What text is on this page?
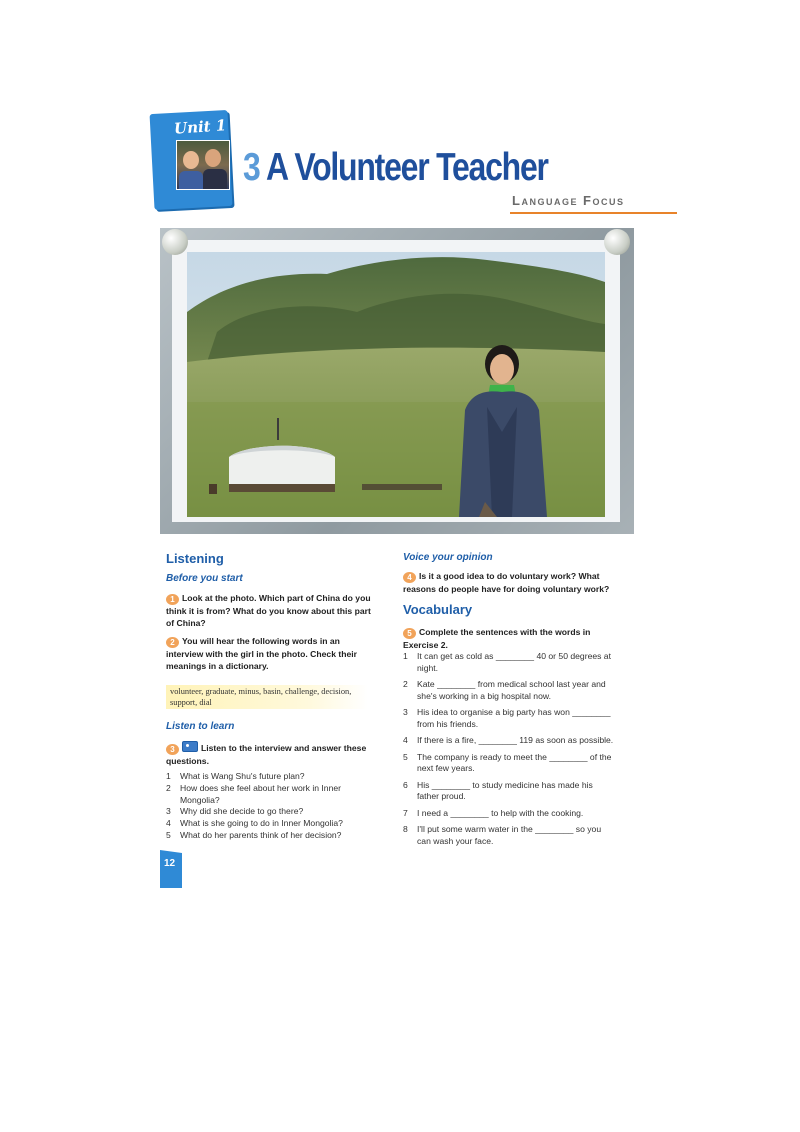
Unit 1
3 A Volunteer Teacher
Language Focus
Listening
Before you start

1 Look at the photo. Which part of China do you think it is from? What do you know about this part of China?

2 You will hear the following words in an interview with the girl in the photo. Check their meanings in a dictionary.

volunteer, graduate, minus, basin, challenge, decision, support, dial
Listen to learn

3	Listen to the interview and answer these questions.

1 What is Wang Shu's future plan?
2 How does she feel about her work in Inner Mongolia?
3 Why did she decide to go there?
4 What is she going to do in Inner Mongolia?
5 What do her parents think of her decision?
12
Voice your opinion

4 Is it a good idea to do voluntary work? What reasons do people have for doing voluntary work?

Vocabulary

5 Complete the sentences with the words in Exercise 2.

1 It can get as cold as ________ 40 or 50 degrees at night.
2 Kate ________ from medical school last year and she's working in a big hospital now.
3 His idea to organise a big party has won ________ from his friends.
4 If there is a fire, ________ 119 as soon as possible.
5 The company is ready to meet the ________ of the next few years.
6 His ________ to study medicine has made his father proud.
7 I need a ________ to help with the cooking.
8 I'll put some warm water in the ________ so you can wash your face.
